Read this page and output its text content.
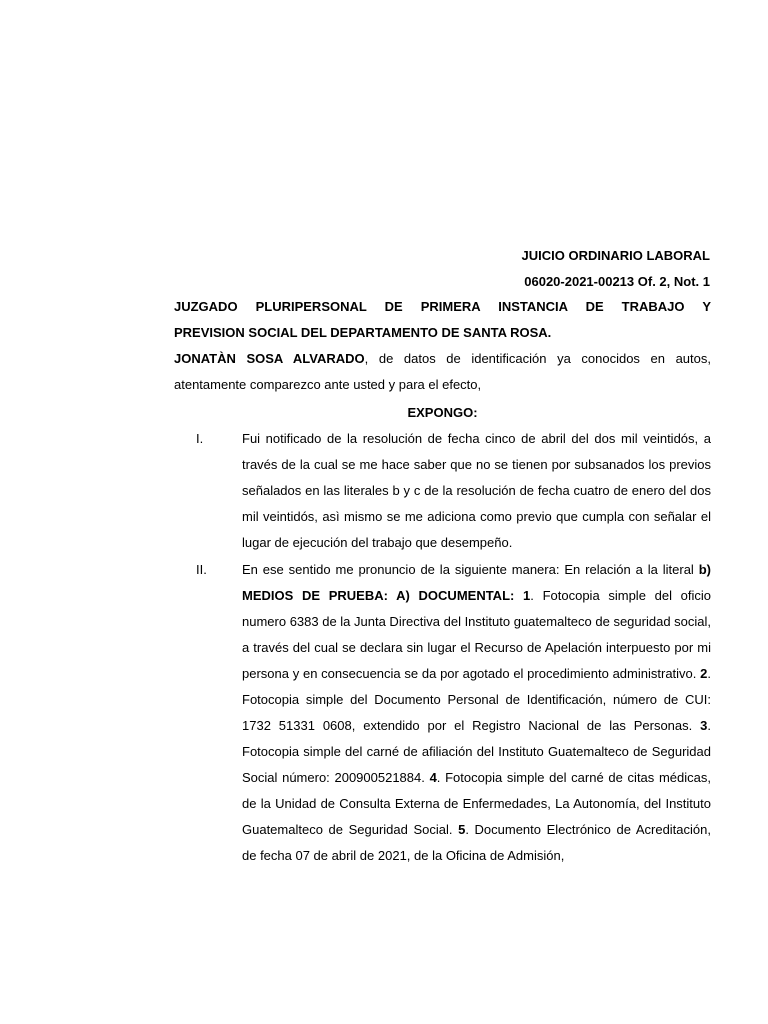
JUICIO ORDINARIO LABORAL
06020-2021-00213 Of. 2, Not. 1
JUZGADO PLURIPERSONAL DE PRIMERA INSTANCIA DE TRABAJO Y
PREVISION SOCIAL DEL DEPARTAMENTO DE SANTA ROSA.
JONATÀN SOSA ALVARADO, de datos de identificación ya conocidos en autos, atentamente comparezco ante usted y para el efecto,
EXPONGO:
I.	Fui notificado de la resolución de fecha cinco de abril del dos mil veintidós, a través de la cual se me hace saber que no se tienen por subsanados los previos señalados en las literales b y c de la resolución de fecha cuatro de enero del dos mil veintidós, asì mismo se me adiciona como previo que cumpla con señalar el lugar de ejecución del trabajo que desempeño.
II.	En ese sentido me pronuncio de la siguiente manera: En relación a la literal b) MEDIOS DE PRUEBA: A) DOCUMENTAL: 1. Fotocopia simple del oficio numero 6383 de la Junta Directiva del Instituto guatemalteco de seguridad social, a través del cual se declara sin lugar el Recurso de Apelación interpuesto por mi persona y en consecuencia se da por agotado el procedimiento administrativo. 2. Fotocopia simple del Documento Personal de Identificación, número de CUI: 1732 51331 0608, extendido por el Registro Nacional de las Personas. 3. Fotocopia simple del carné de afiliación del Instituto Guatemalteco de Seguridad Social número: 200900521884. 4. Fotocopia simple del carné de citas médicas, de la Unidad de Consulta Externa de Enfermedades, La Autonomía, del Instituto Guatemalteco de Seguridad Social. 5. Documento Electrónico de Acreditación, de fecha 07 de abril de 2021, de la Oficina de Admisión,
